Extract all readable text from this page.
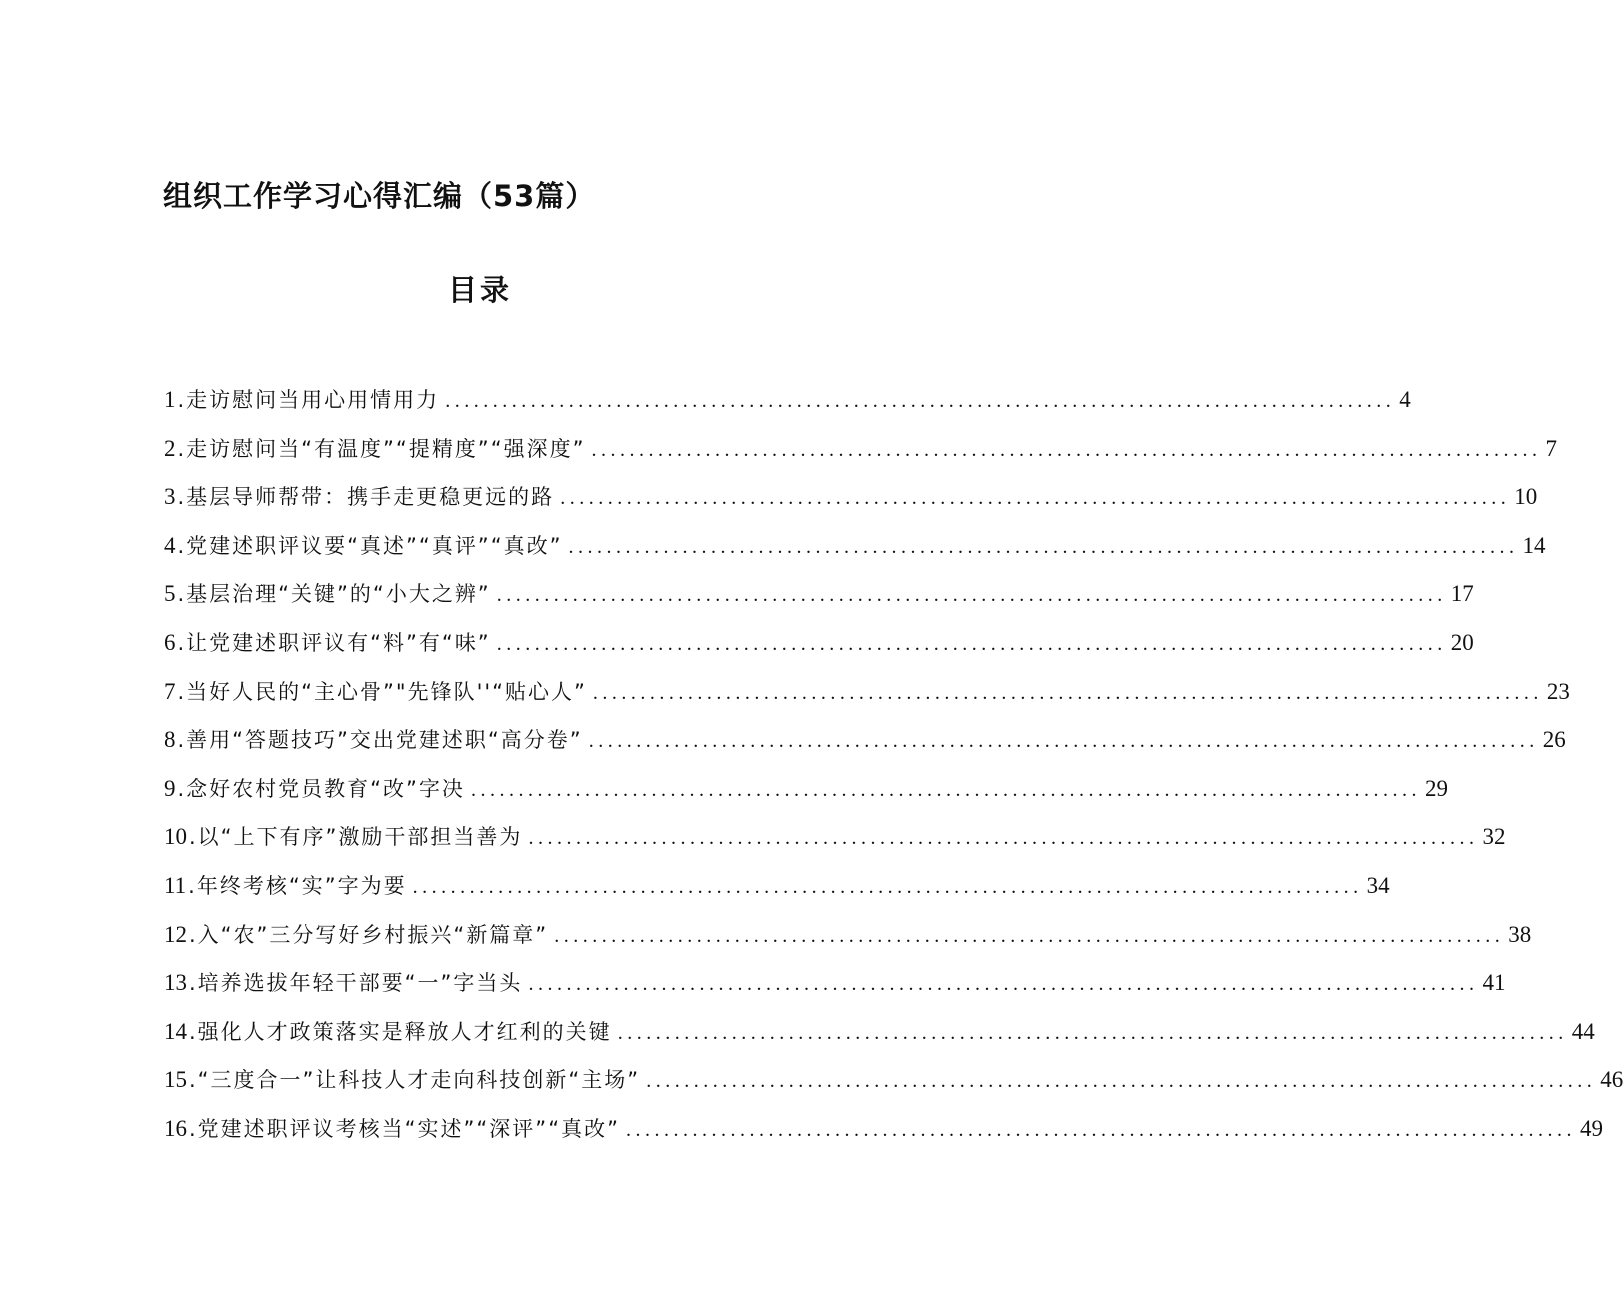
组织工作学习心得汇编（53篇）
目录
1 .走访慰问当用心用情用力 .....	4
2 .走访慰问当“有温度”“提精度”“强深度” .....	7
3 .基层导师帮带：携手走更稳更远的路 .....	10
4 .党建述职评议要“真述”“真评”“真改” .....	14
5 .基层治理“关键”的“小大之辨” .....	17
6 .让党建述职评议有“料”有“味” .....	20
7 .当好人民的“主心骨”"先锋队''“贴心人” .....	23
8 .善用“答题技巧”交出党建述职“高分卷” .....	26
9 .念好农村党员教育“改”字决 .....	29
10 .以“上下有序”激励干部担当善为 .....	32
11 .年终考核“实”字为要 .....	34
12 .入“农”三分写好乡村振兴“新篇章” .....	38
13 .培养选拔年轻干部要“一”字当头 .....	41
14 .强化人才政策落实是释放人才红利的关键 .....	44
15 .“三度合一”让科技人才走向科技创新“主场” .....	46
16 .党建述职评议考核当“实述”“深评”“真改” .....	49
